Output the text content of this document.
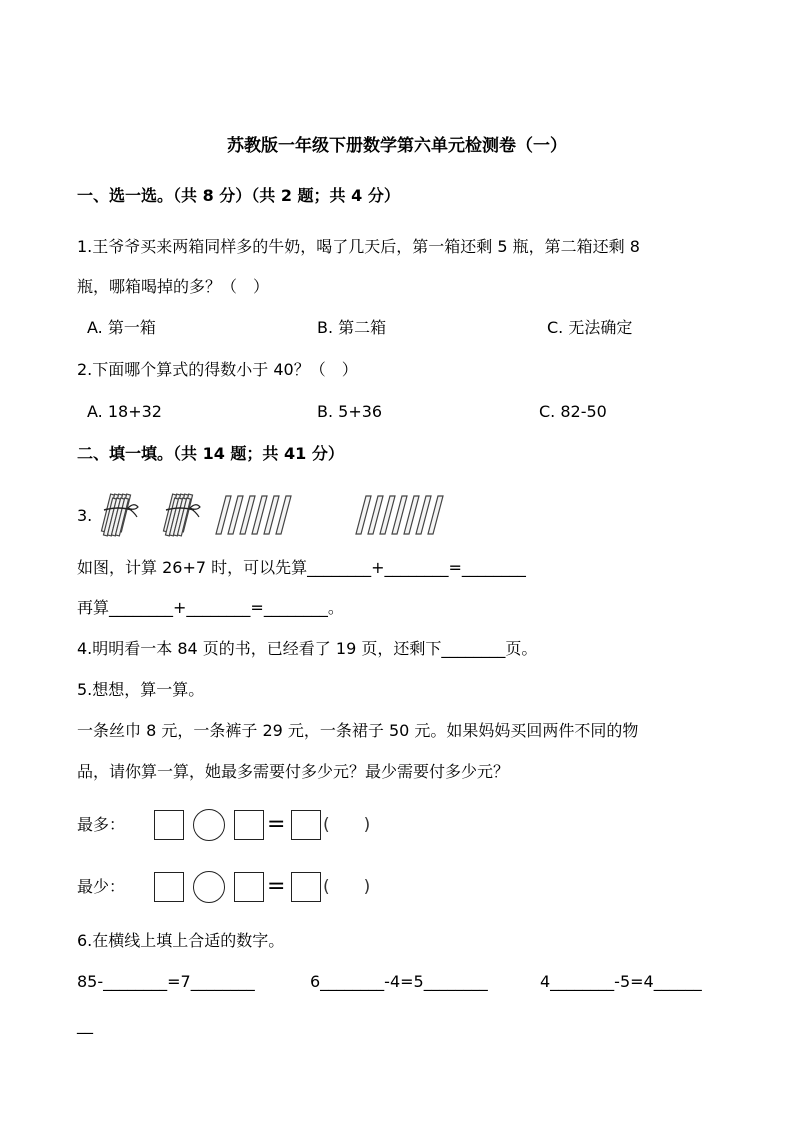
苏教版一年级下册数学第六单元检测卷（一）
一、选一选。（共 8 分）（共 2 题；共 4 分）
1.王爷爷买来两箱同样多的牛奶，喝了几天后，第一箱还剩 5 瓶，第二箱还剩 8
瓶，哪箱喝掉的多？（　）
A. 第一箱	B. 第二箱	C. 无法确定
2.下面哪个算式的得数小于 40？（　）
A. 18+32	B. 5+36	C. 82-50
二、填一填。（共 14 题；共 41 分）
3.
如图，计算 26+7 时，可以先算________+________=________
再算________+________=________。
4.明明看一本 84 页的书，已经看了 19 页，还剩下________页。
5.想想，算一算。
一条丝巾 8 元，一条裤子 29 元，一条裙子 50 元。如果妈妈买回两件不同的物
品，请你算一算，她最多需要付多少元？最少需要付多少元？
最多：	= (　　)
最少：	= (　　)
6.在横线上填上合适的数字。
85-________=7________	6________-4=5________	4________-5=4______
__
